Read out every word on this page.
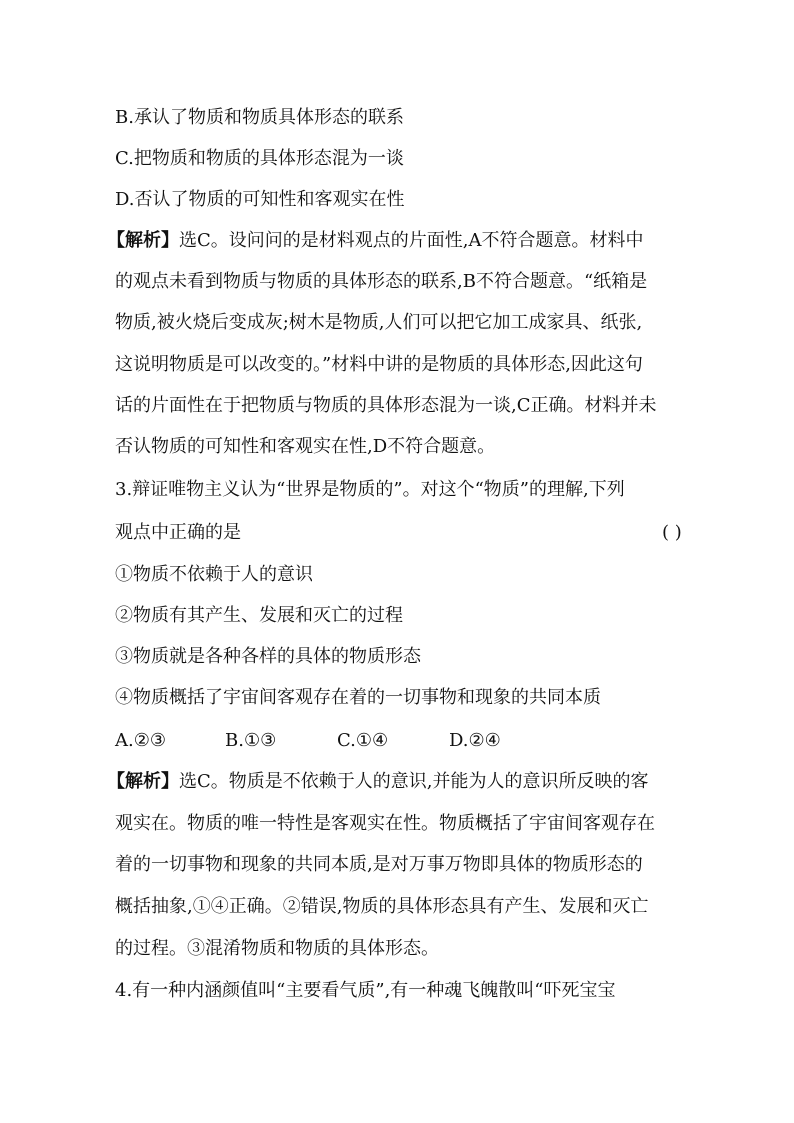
B.承认了物质和物质具体形态的联系
C.把物质和物质的具体形态混为一谈
D.否认了物质的可知性和客观实在性
【解析】选C。设问问的是材料观点的片面性,A不符合题意。材料中
的观点未看到物质与物质的具体形态的联系,B不符合题意。“纸箱是
物质,被火烧后变成灰;树木是物质,人们可以把它加工成家具、纸张,
这说明物质是可以改变的。”材料中讲的是物质的具体形态,因此这句
话的片面性在于把物质与物质的具体形态混为一谈,C正确。材料并未
否认物质的可知性和客观实在性,D不符合题意。
3.辩证唯物主义认为“世界是物质的”。对这个“物质”的理解,下列
观点中正确的是	( )
①物质不依赖于人的意识
②物质有其产生、发展和灭亡的过程
③物质就是各种各样的具体的物质形态
④物质概括了宇宙间客观存在着的一切事物和现象的共同本质
A.②③	B.①③	C.①④	D.②④
【解析】选C。物质是不依赖于人的意识,并能为人的意识所反映的客
观实在。物质的唯一特性是客观实在性。物质概括了宇宙间客观存在
着的一切事物和现象的共同本质,是对万事万物即具体的物质形态的
概括抽象,①④正确。②错误,物质的具体形态具有产生、发展和灭亡
的过程。③混淆物质和物质的具体形态。
4.有一种内涵颜值叫“主要看气质”,有一种魂飞魄散叫“吓死宝宝
